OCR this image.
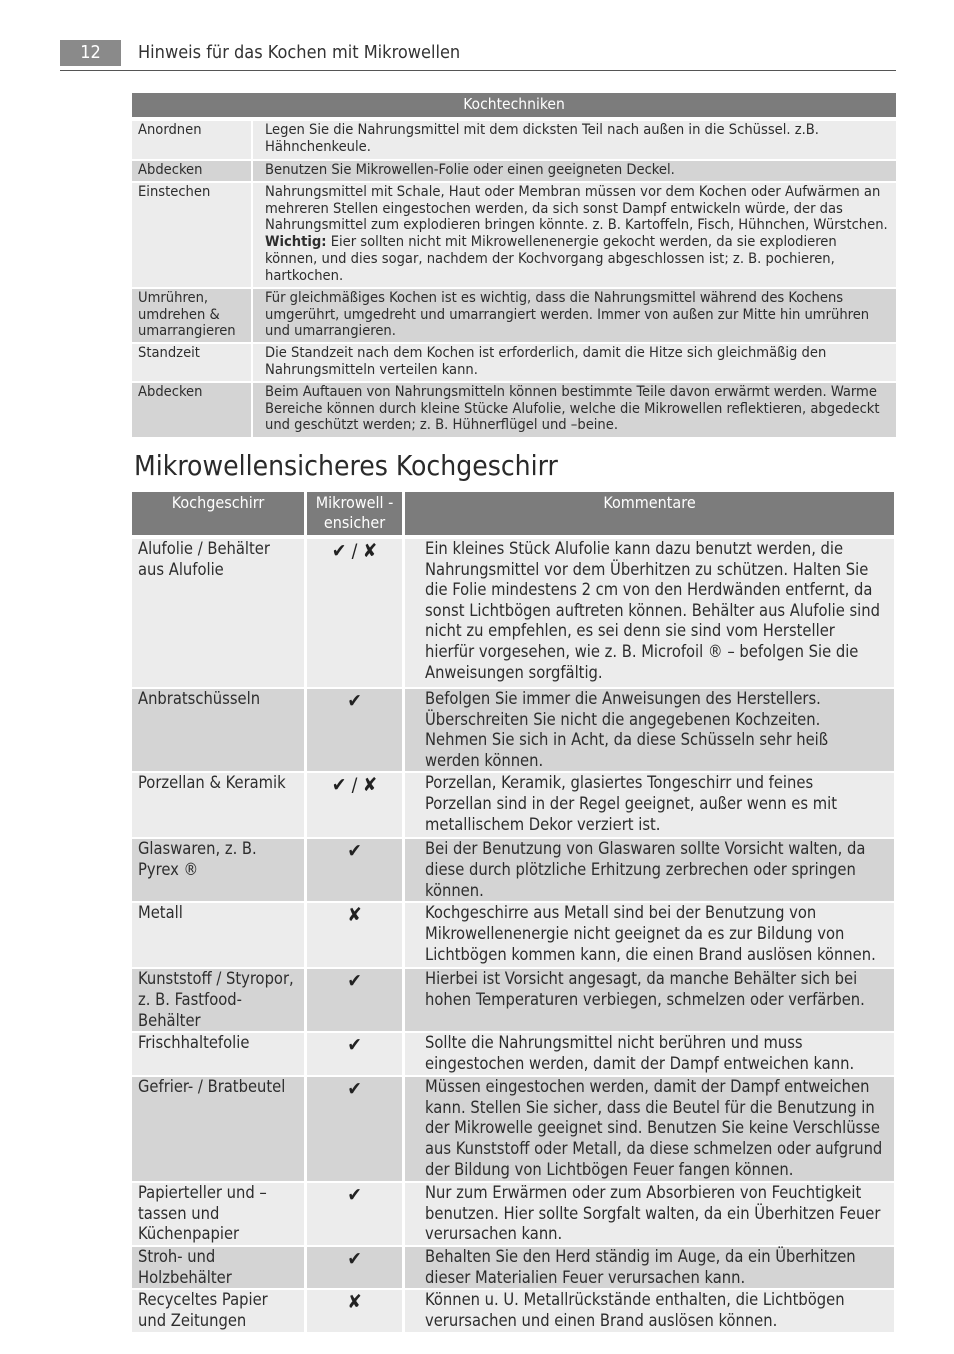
12	Hinweis für das Kochen mit Mikrowellen
Kochtechniken	
Anordnen	Legen Sie die Nahrungsmittel mit dem dicksten Teil nach außen in die Schüssel. z.B. Hähnchenkeule.
Abdecken	Benutzen Sie Mikrowellen-Folie oder einen geeigneten Deckel.
Einstechen	Nahrungsmittel mit Schale, Haut oder Membran müssen vor dem Kochen oder Aufwärmen an mehreren Stellen eingestochen werden, da sich sonst Dampf entwickeln würde, der das Nahrungsmittel zum explodieren bringen könnte. z. B. Kartoffeln, Fisch, Hühnchen, Würstchen.
Wichtig: Eier sollten nicht mit Mikrowellenenergie gekocht werden, da sie explodieren können, und dies sogar, nachdem der Kochvorgang abgeschlossen ist; z. B. pochieren, hartkochen.
Umrühren, umdrehen & umarrangieren	Für gleichmäßiges Kochen ist es wichtig, dass die Nahrungsmittel während des Kochens umgerührt, umgedreht und umarrangiert werden. Immer von außen zur Mitte hin umrühren und umarrangieren.
Standzeit	Die Standzeit nach dem Kochen ist erforderlich, damit die Hitze sich gleichmäßig den Nahrungsmitteln verteilen kann.
Abdecken	Beim Auftauen von Nahrungsmitteln können bestimmte Teile davon erwärmt werden. Warme Bereiche können durch kleine Stücke Alufolie, welche die Mikrowellen reflektieren, abgedeckt und geschützt werden; z. B. Hühnerflügel und –beine.
Mikrowellensicheres Kochgeschirr
Kochgeschirr	Mikrowell -ensicher	Kommentare
Alufolie / Behälter aus Alufolie	✔ / ✘	Ein kleines Stück Alufolie kann dazu benutzt werden, die Nahrungsmittel vor dem Überhitzen zu schützen. Halten Sie die Folie mindestens 2 cm von den Herdwänden entfernt, da sonst Lichtbögen auftreten können. Behälter aus Alufolie sind nicht zu empfehlen, es sei denn sie sind vom Hersteller hierfür vorgesehen, wie z. B. Microfoil ® – befolgen Sie die Anweisungen sorgfältig.
Anbratschüsseln	✔	Befolgen Sie immer die Anweisungen des Herstellers. Überschreiten Sie nicht die angegebenen Kochzeiten. Nehmen Sie sich in Acht, da diese Schüsseln sehr heiß werden können.
Porzellan & Keramik	✔ / ✘	Porzellan, Keramik, glasiertes Tongeschirr und feines Porzellan sind in der Regel geeignet, außer wenn es mit metallischem Dekor verziert ist.
Glaswaren, z. B. Pyrex ®	✔	Bei der Benutzung von Glaswaren sollte Vorsicht walten, da diese durch plötzliche Erhitzung zerbrechen oder springen können.
Metall	✘	Kochgeschirre aus Metall sind bei der Benutzung von Mikrowellenenergie nicht geeignet da es zur Bildung von Lichtbögen kommen kann, die einen Brand auslösen können.
Kunststoff / Styropor, z. B. Fastfood-Behälter	✔	Hierbei ist Vorsicht angesagt, da manche Behälter sich bei hohen Temperaturen verbiegen, schmelzen oder verfärben.
Frischhaltefolie	✔	Sollte die Nahrungsmittel nicht berühren und muss eingestochen werden, damit der Dampf entweichen kann.
Gefrier- / Bratbeutel	✔	Müssen eingestochen werden, damit der Dampf entweichen kann. Stellen Sie sicher, dass die Beutel für die Benutzung in der Mikrowelle geeignet sind. Benutzen Sie keine Verschlüsse aus Kunststoff oder Metall, da diese schmelzen oder aufgrund der Bildung von Lichtbögen Feuer fangen können.
Papierteller und –tassen und Küchenpapier	✔	Nur zum Erwärmen oder zum Absorbieren von Feuchtigkeit benutzen. Hier sollte Sorgfalt walten, da ein Überhitzen Feuer verursachen kann.
Stroh- und Holzbehälter	✔	Behalten Sie den Herd ständig im Auge, da ein Überhitzen dieser Materialien Feuer verursachen kann.
Recyceltes Papier und Zeitungen	✘	Können u. U. Metallrückstände enthalten, die Lichtbögen verursachen und einen Brand auslösen können.
